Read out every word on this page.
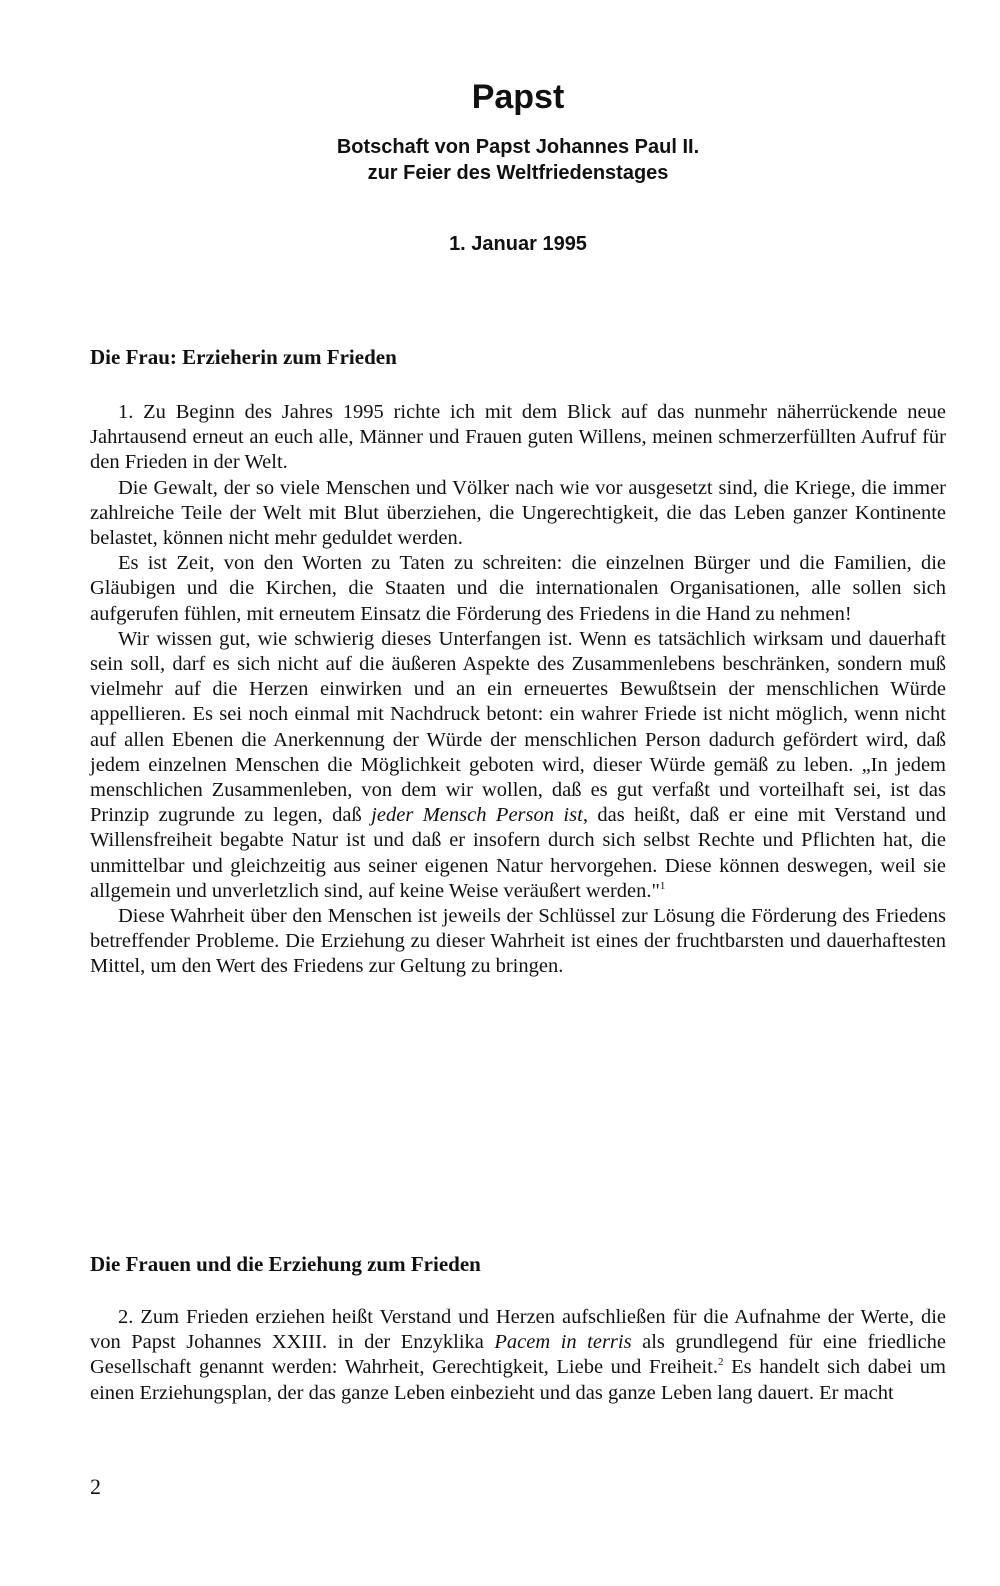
Papst
Botschaft von Papst Johannes Paul II.
zur Feier des Weltfriedenstages
1. Januar 1995
Die Frau: Erzieherin zum Frieden

1. Zu Beginn des Jahres 1995 richte ich mit dem Blick auf das nunmehr näherrückende neue Jahrtausend erneut an euch alle, Männer und Frauen guten Willens, meinen schmerzerfüllten Aufruf für den Frieden in der Welt.

Die Gewalt, der so viele Menschen und Völker nach wie vor ausgesetzt sind, die Kriege, die immer zahlreiche Teile der Welt mit Blut überziehen, die Ungerechtigkeit, die das Leben ganzer Kontinente belastet, können nicht mehr geduldet werden.

Es ist Zeit, von den Worten zu Taten zu schreiten: die einzelnen Bürger und die Familien, die Gläubigen und die Kirchen, die Staaten und die internationalen Organisationen, alle sollen sich aufgerufen fühlen, mit erneutem Einsatz die Förderung des Friedens in die Hand zu nehmen!

Wir wissen gut, wie schwierig dieses Unterfangen ist. Wenn es tatsächlich wirksam und dauerhaft sein soll, darf es sich nicht auf die äußeren Aspekte des Zusammenlebens beschränken, sondern muß vielmehr auf die Herzen einwirken und an ein erneuertes Bewußtsein der menschlichen Würde appellieren. Es sei noch einmal mit Nachdruck betont: ein wahrer Friede ist nicht möglich, wenn nicht auf allen Ebenen die Anerkennung der Würde der menschlichen Person dadurch gefördert wird, daß jedem einzelnen Menschen die Möglichkeit geboten wird, dieser Würde gemäß zu leben. „In jedem menschlichen Zusammenleben, von dem wir wollen, daß es gut verfaßt und vorteilhaft sei, ist das Prinzip zugrunde zu legen, daß jeder Mensch Person ist, das heißt, daß er eine mit Verstand und Willensfreiheit begabte Natur ist und daß er insofern durch sich selbst Rechte und Pflichten hat, die unmittelbar und gleichzeitig aus seiner eigenen Natur hervorgehen. Diese können deswegen, weil sie allgemein und unverletzlich sind, auf keine Weise veräußert werden."$^1$

Diese Wahrheit über den Menschen ist jeweils der Schlüssel zur Lösung die Förderung des Friedens betreffender Probleme. Die Erziehung zu dieser Wahrheit ist eines der fruchtbarsten und dauerhaftesten Mittel, um den Wert des Friedens zur Geltung zu bringen.

Die Frauen und die Erziehung zum Frieden

2. Zum Frieden erziehen heißt Verstand und Herzen aufschließen für die Aufnahme der Werte, die von Papst Johannes XXIII. in der Enzyklika Pacem in terris als grundlegend für eine friedliche Gesellschaft genannt werden: Wahrheit, Gerechtigkeit, Liebe und Freiheit.$^2$ Es handelt sich dabei um einen Erziehungsplan, der das ganze Leben einbezieht und das ganze Leben lang dauert. Er macht

2
